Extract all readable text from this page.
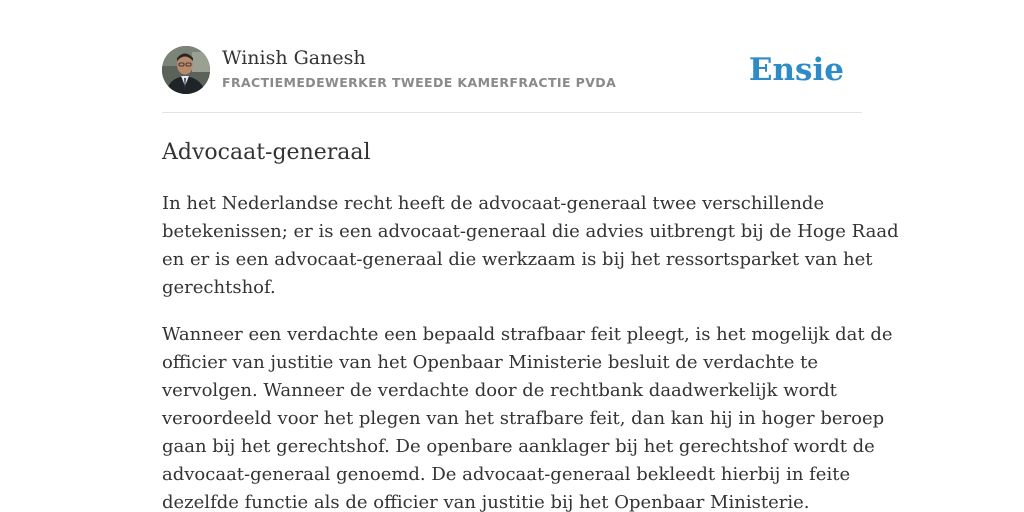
Winish Ganesh
FRACTIEMEDEWERKER TWEEDE KAMERFRACTIE PVDA	Ensie
Advocaat-generaal

In het Nederlandse recht heeft de advocaat-generaal twee verschillende
betekenissen; er is een advocaat-generaal die advies uitbrengt bij de Hoge Raad
en er is een advocaat-generaal die werkzaam is bij het ressortsparket van het
gerechtshof.

Wanneer een verdachte een bepaald strafbaar feit pleegt, is het mogelijk dat de
officier van justitie van het Openbaar Ministerie besluit de verdachte te
vervolgen. Wanneer de verdachte door de rechtbank daadwerkelijk wordt
veroordeeld voor het plegen van het strafbare feit, dan kan hij in hoger beroep
gaan bij het gerechtshof. De openbare aanklager bij het gerechtshof wordt de
advocaat-generaal genoemd. De advocaat-generaal bekleedt hierbij in feite
dezelfde functie als de officier van justitie bij het Openbaar Ministerie.
